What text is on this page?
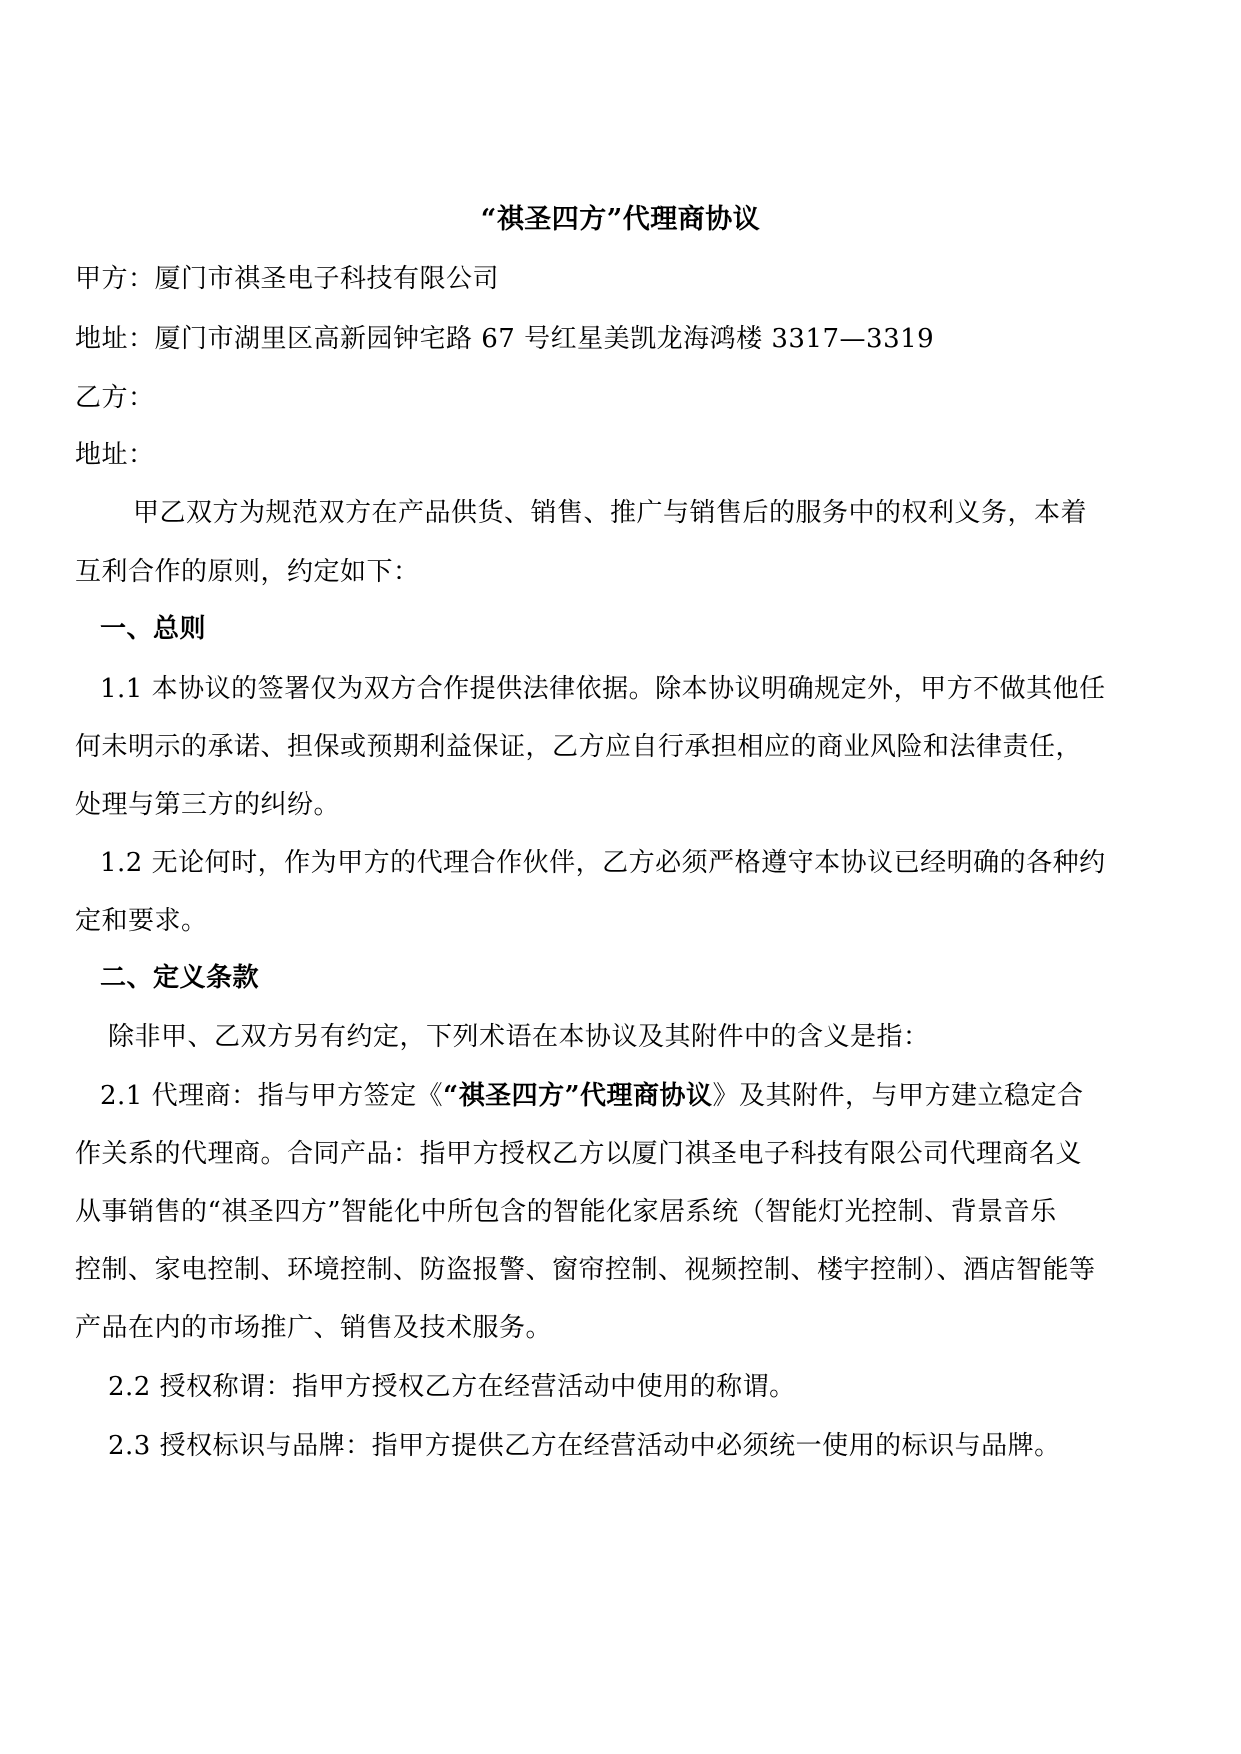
“祺圣四方”代理商协议
甲方：厦门市祺圣电子科技有限公司
地址：厦门市湖里区高新园钟宅路 67 号红星美凯龙海鸿楼 3317—3319
乙方：
地址：
甲乙双方为规范双方在产品供货、销售、推广与销售后的服务中的权利义务，本着
互利合作的原则，约定如下：
一、总则
1.1 本协议的签署仅为双方合作提供法律依据。除本协议明确规定外，甲方不做其他任
何未明示的承诺、担保或预期利益保证，乙方应自行承担相应的商业风险和法律责任，
处理与第三方的纠纷。
1.2 无论何时，作为甲方的代理合作伙伴，乙方必须严格遵守本协议已经明确的各种约
定和要求。
二、定义条款
除非甲、乙双方另有约定，下列术语在本协议及其附件中的含义是指：
2.1 代理商：指与甲方签定《“祺圣四方”代理商协议》及其附件，与甲方建立稳定合
作关系的代理商。合同产品：指甲方授权乙方以厦门祺圣电子科技有限公司代理商名义
从事销售的“祺圣四方”智能化中所包含的智能化家居系统（智能灯光控制、背景音乐
控制、家电控制、环境控制、防盗报警、窗帘控制、视频控制、楼宇控制）、酒店智能等
产品在内的市场推广、销售及技术服务。
2.2 授权称谓：指甲方授权乙方在经营活动中使用的称谓。
2.3 授权标识与品牌：指甲方提供乙方在经营活动中必须统一使用的标识与品牌。
